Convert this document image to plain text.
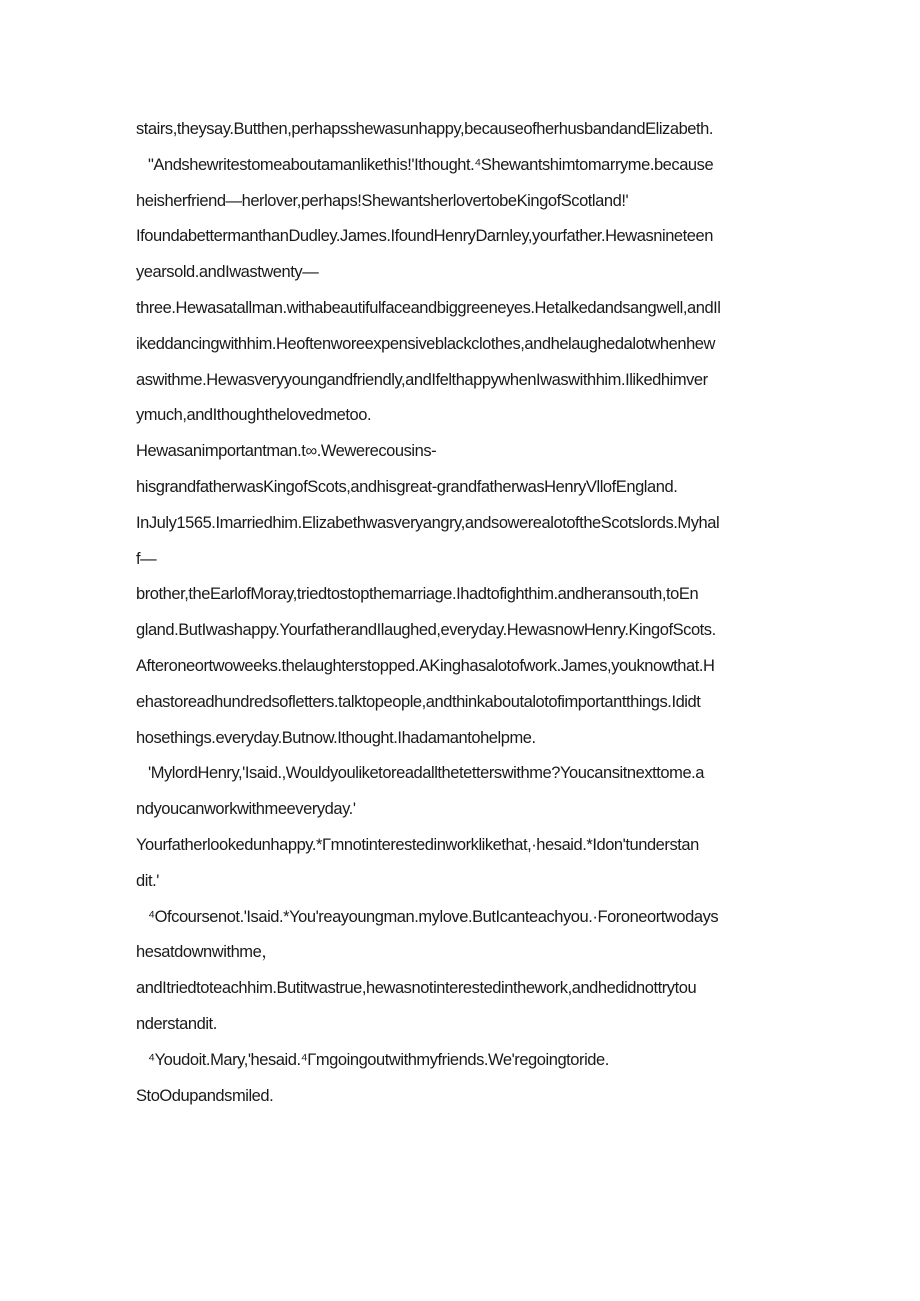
stairs,theysay.Butthen,perhapsshewasunhappy,becauseofherhusbandandElizabeth.
"Andshewritestomeaboutamanlikethis!'Ithought.⁴Shewantshimtomarryme.because
heisherfriend—herlover,perhaps!ShewantsherlovertobeKingofScotland!'
IfoundabettermanthanDudley.James.IfoundHenryDarnley,yourfather.Hewasnineteen
yearsold.andIwastwenty—
three.Hewasatallman.withabeautifulfaceandbiggreeneyes.Hetalkedandsangwell,andIl
ikeddancingwithhim.Heoftenworeexpensiveblackclothes,andhelaughedalotwhenhew
aswithme.Hewasveryyoungandfriendly,andIfelthappywhenIwaswithhim.Ilikedhimver
ymuch,andIthoughthelovedmetoo.
Hewasanimportantman.t∞.Wewerecousins-
hisgrandfatherwasKingofScots,andhisgreat-grandfatherwasHenryVllofEngland.
InJuly1565.Imarriedhim.Elizabethwasveryangry,andsowerealotoftheScotslords.Myhal
f—
brother,theEarlofMoray,triedtostopthemarriage.Ihadtofighthim.andheransouth,toEn
gland.ButIwashappy.YourfatherandIlaughed,everyday.HewasnowHenry.KingofScots.
Afteroneortwoweeks.thelaughterstopped.AKinghasalotofwork.James,youknowthat.H
ehastoreadhundredsofletters.talktopeople,andthinkaboutalotofimportantthings.Ididt
hosethings.everyday.Butnow.Ithought.Ihadamantohelpme.
'MylordHenry,'Isaid.,Wouldyouliketoreadallthetetterswithme?Youcansitnexttome.a
ndyoucanworkwithmeeveryday.'
Yourfatherlookedunhappy.*Γmnotinterestedinworklikethat,·hesaid.*Idon'tunderstan
dit.'
⁴Ofcoursenot.'Isaid.*You'reayoungman.mylove.ButIcanteachyou.·Foroneortwodays
hesatdownwithme，
andItriedtoteachhim.Butitwastrue,hewasnotinterestedinthework,andhedidnottrytou
nderstandit.
⁴Youdoit.Mary,'hesaid.⁴Γmgoingoutwithmyfriends.We'regoingtoride.
StoOdupandsmiled.
